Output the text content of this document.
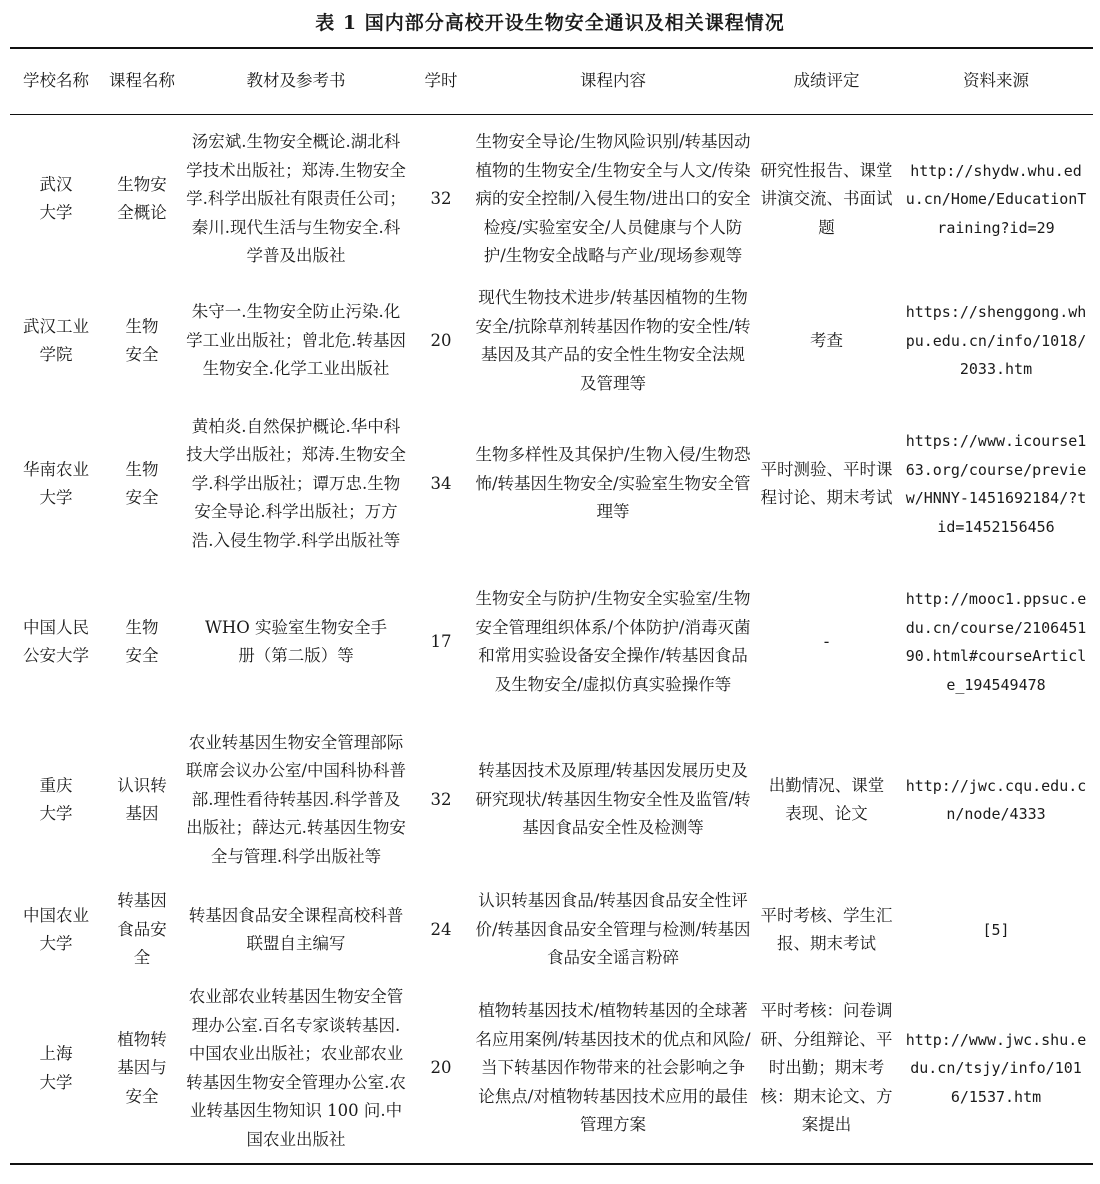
表 1 国内部分高校开设生物安全通识及相关课程情况
学校名称	课程名称	教材及参考书	学时	课程内容	成绩评定	资料来源
武汉大学	生物安全概论	汤宏斌.生物安全概论.湖北科学技术出版社；郑涛.生物安全学.科学出版社有限责任公司；秦川.现代生活与生物安全.科学普及出版社	32	生物安全导论/生物风险识别/转基因动植物的生物安全/生物安全与人文/传染病的安全控制/入侵生物/进出口的安全检疫/实验室安全/人员健康与个人防护/生物安全战略与产业/现场参观等	研究性报告、课堂讲演交流、书面试题	http://shydw.whu.edu.cn/Home/EducationTraining?id=29
武汉工业学院	生物安全	朱守一.生物安全防止污染.化学工业出版社；曾北危.转基因生物安全.化学工业出版社	20	现代生物技术进步/转基因植物的生物安全/抗除草剂转基因作物的安全性/转基因及其产品的安全性生物安全法规及管理等	考查	https://shenggong.whpu.edu.cn/info/1018/2033.htm
华南农业大学	生物安全	黄柏炎.自然保护概论.华中科技大学出版社；郑涛.生物安全学.科学出版社；谭万忠.生物安全导论.科学出版社；万方浩.入侵生物学.科学出版社等	34	生物多样性及其保护/生物入侵/生物恐怖/转基因生物安全/实验室生物安全管理等	平时测验、平时课程讨论、期末考试	https://www.icourse163.org/course/preview/HNNY-1451692184/?tid=1452156456
中国人民公安大学	生物安全	WHO 实验室生物安全手册（第二版）等	17	生物安全与防护/生物安全实验室/生物安全管理组织体系/个体防护/消毒灭菌和常用实验设备安全操作/转基因食品及生物安全/虚拟仿真实验操作等	-	http://mooc1.ppsuc.edu.cn/course/210645190.html#courseArticle_194549478
重庆大学	认识转基因	农业转基因生物安全管理部际联席会议办公室/中国科协科普部.理性看待转基因.科学普及出版社；薛达元.转基因生物安全与管理.科学出版社等	32	转基因技术及原理/转基因发展历史及研究现状/转基因生物安全性及监管/转基因食品安全性及检测等	出勤情况、课堂表现、论文	http://jwc.cqu.edu.cn/node/4333
中国农业大学	转基因食品安全	转基因食品安全课程高校科普联盟自主编写	24	认识转基因食品/转基因食品安全性评价/转基因食品安全管理与检测/转基因食品安全谣言粉碎	平时考核、学生汇报、期末考试	[5]
上海大学	植物转基因与安全	农业部农业转基因生物安全管理办公室.百名专家谈转基因.中国农业出版社；农业部农业转基因生物安全管理办公室.农业转基因生物知识 100 问.中国农业出版社	20	植物转基因技术/植物转基因的全球著名应用案例/转基因技术的优点和风险/当下转基因作物带来的社会影响之争论焦点/对植物转基因技术应用的最佳管理方案	平时考核：问卷调研、分组辩论、平时出勤；期末考核：期末论文、方案提出	http://www.jwc.shu.edu.cn/tsjy/info/1016/1537.htm
